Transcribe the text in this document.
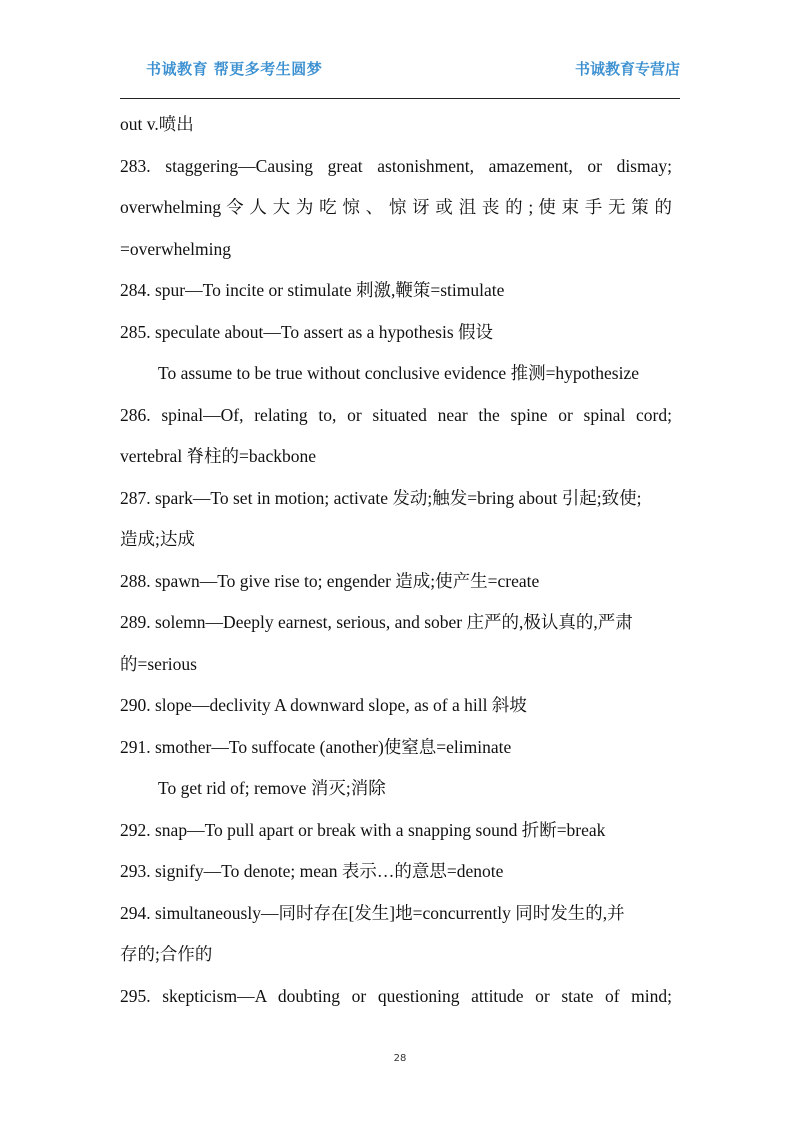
书诚教育 帮更多考生圆梦	书诚教育专营店
out v.喷出
283. staggering—Causing great astonishment, amazement, or dismay;
overwhelming 令 人 大 为 吃 惊 、 惊 讶 或 沮 丧 的 ; 使 束 手 无 策 的
=overwhelming
284. spur—To incite or stimulate 刺激,鞭策=stimulate
285. speculate about—To assert as a hypothesis 假设
To assume to be true without conclusive evidence 推测=hypothesize
286. spinal—Of, relating to, or situated near the spine or spinal cord;
vertebral 脊柱的=backbone
287. spark—To set in motion; activate 发动;触发=bring about 引起;致使;
造成;达成
288. spawn—To give rise to; engender 造成;使产生=create
289. solemn—Deeply earnest, serious, and sober 庄严的,极认真的,严肃
的=serious
290. slope—declivity A downward slope, as of a hill 斜坡
291. smother—To suffocate (another)使窒息=eliminate
To get rid of; remove 消灭;消除
292. snap—To pull apart or break with a snapping sound 折断=break
293. signify—To denote; mean 表示…的意思=denote
294. simultaneously—同时存在[发生]地=concurrently 同时发生的,并
存的;合作的
295. skepticism—A doubting or questioning attitude or state of mind;
28
